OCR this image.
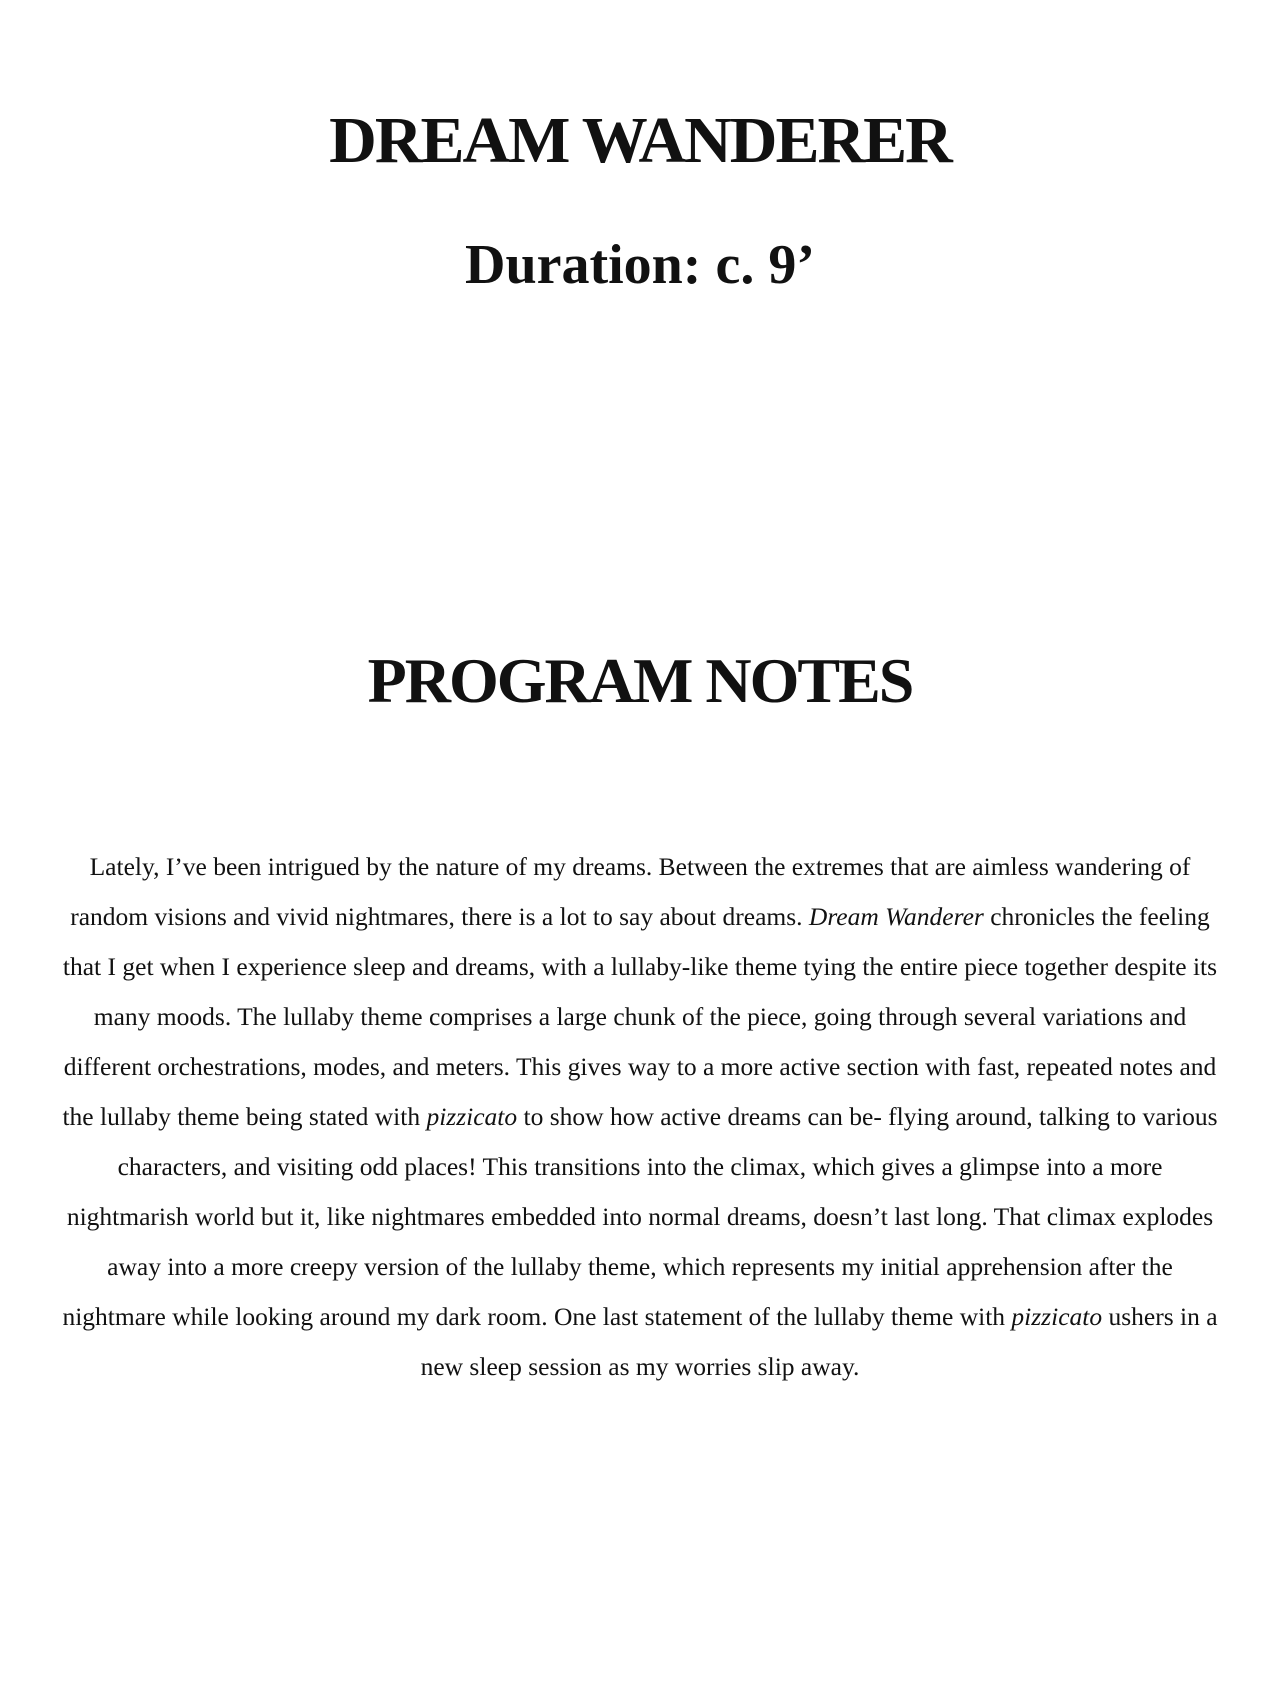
DREAM WANDERER
Duration: c. 9’
PROGRAM NOTES

Lately, I’ve been intrigued by the nature of my dreams. Between the extremes that are aimless wandering of random visions and vivid nightmares, there is a lot to say about dreams. Dream Wanderer chronicles the feeling that I get when I experience sleep and dreams, with a lullaby-like theme tying the entire piece together despite its many moods. The lullaby theme comprises a large chunk of the piece, going through several variations and different orchestrations, modes, and meters. This gives way to a more active section with fast, repeated notes and the lullaby theme being stated with pizzicato to show how active dreams can be- flying around, talking to various characters, and visiting odd places! This transitions into the climax, which gives a glimpse into a more nightmarish world but it, like nightmares embedded into normal dreams, doesn’t last long. That climax explodes away into a more creepy version of the lullaby theme, which represents my initial apprehension after the nightmare while looking around my dark room. One last statement of the lullaby theme with pizzicato ushers in a new sleep session as my worries slip away.
